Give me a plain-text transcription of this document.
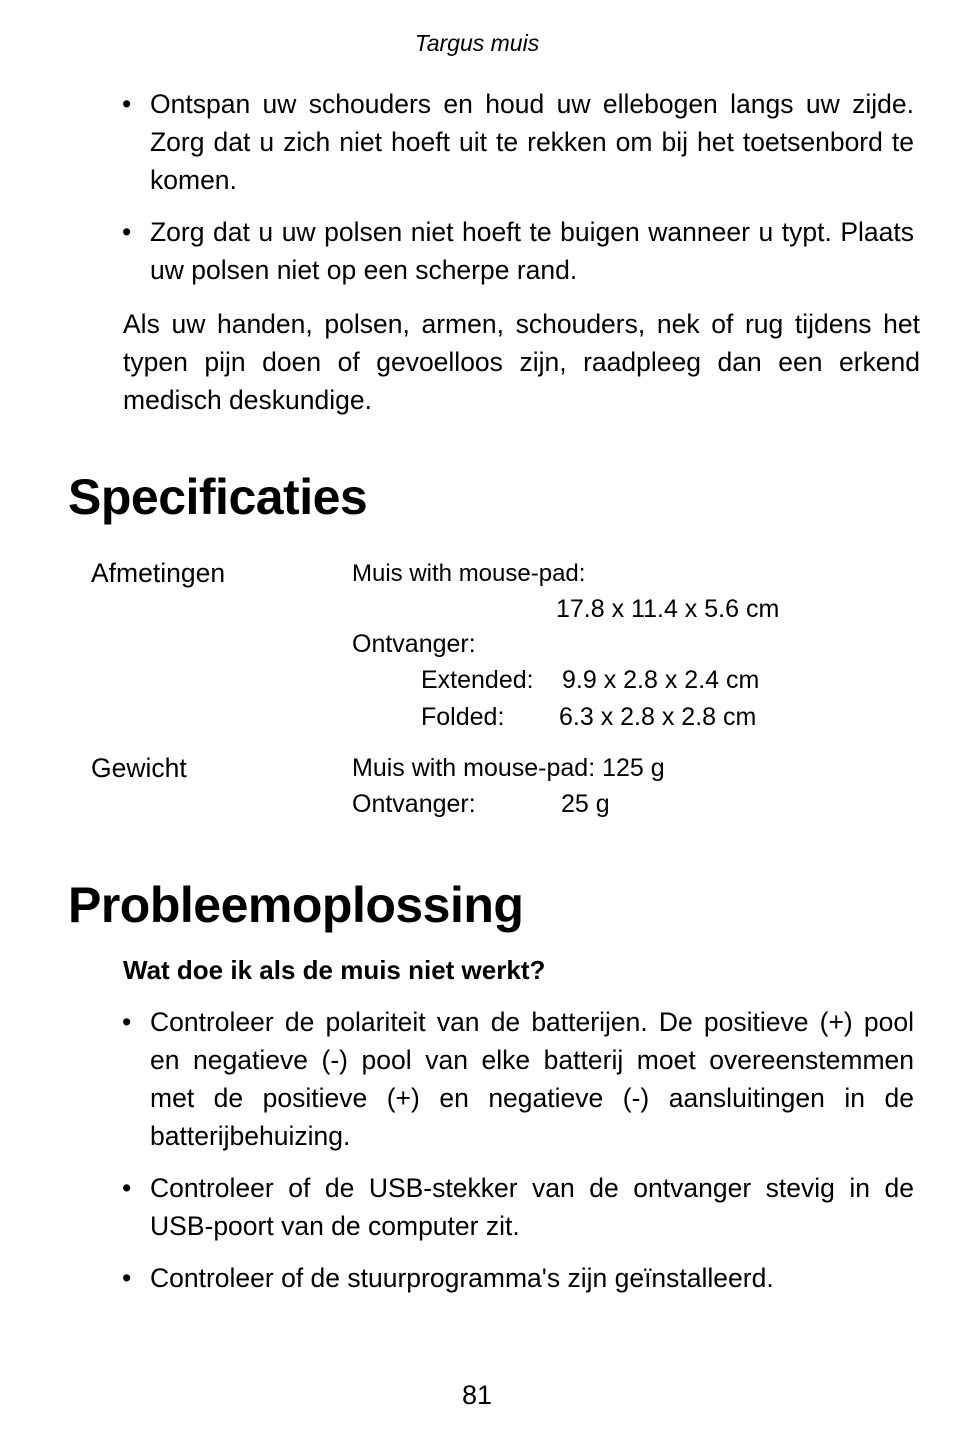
Targus muis
• Ontspan uw schouders en houd uw ellebogen langs uw zijde. Zorg dat u zich niet hoeft uit te rekken om bij het toetsenbord te komen.
• Zorg dat u uw polsen niet hoeft te buigen wanneer u typt. Plaats uw polsen niet op een scherpe rand.

Als uw handen, polsen, armen, schouders, nek of rug tijdens het typen pijn doen of gevoelloos zijn, raadpleeg dan een erkend medisch deskundige.

Specificaties
Afmetingen	Muis with mouse-pad:
17.8 x 11.4 x 5.6 cm
Ontvanger:
Extended: 9.9 x 2.8 x 2.4 cm
Folded: 6.3 x 2.8 x 2.8 cm
Gewicht	Muis with mouse-pad: 125 g
Ontvanger:	25 g
Probleemoplossing
Wat doe ik als de muis niet werkt?
• Controleer de polariteit van de batterijen. De positieve (+) pool en negatieve (-) pool van elke batterij moet overeenstemmen met de positieve (+) en negatieve (-) aansluitingen in de batterijbehuizing.
• Controleer of de USB-stekker van de ontvanger stevig in de USB-poort van de computer zit.
• Controleer of de stuurprogramma's zijn geïnstalleerd.
81
